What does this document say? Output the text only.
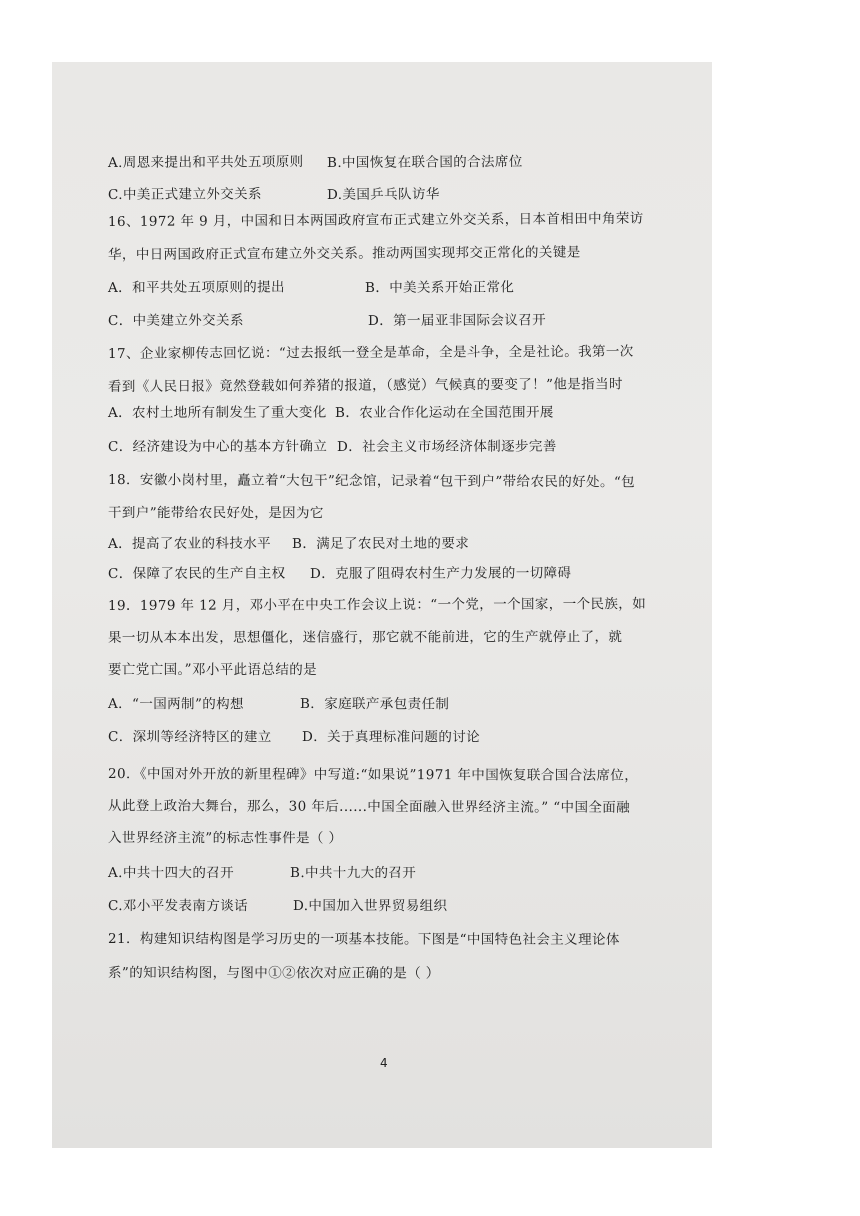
A.周恩来提出和平共处五项原则 B.中国恢复在联合国的合法席位
C.中美正式建立外交关系	D.美国乒乓队访华
16、1972 年 9 月，中国和日本两国政府宣布正式建立外交关系，日本首相田中角荣访
华，中日两国政府正式宣布建立外交关系。推动两国实现邦交正常化的关键是
A．和平共处五项原则的提出	B．中美关系开始正常化
C．中美建立外交关系	D．第一届亚非国际会议召开
17、企业家柳传志回忆说：“过去报纸一登全是革命，全是斗争，全是社论。我第一次
看到《人民日报》竟然登载如何养猪的报道，（感觉）气候真的要变了！”他是指当时
A．农村土地所有制发生了重大变化 B．农业合作化运动在全国范围开展
C．经济建设为中心的基本方针确立 D．社会主义市场经济体制逐步完善
18．安徽小岗村里，矗立着“大包干”纪念馆，记录着“包干到户”带给农民的好处。“包
干到户”能带给农民好处，是因为它
A．提高了农业的科技水平 B．满足了农民对土地的要求
C．保障了农民的生产自主权 D．克服了阻碍农村生产力发展的一切障碍
19．1979 年 12 月，邓小平在中央工作会议上说：“一个党，一个国家，一个民族，如
果一切从本本出发，思想僵化，迷信盛行，那它就不能前进，它的生产就停止了，就
要亡党亡国。”邓小平此语总结的是
A．“一国两制”的构想	B．家庭联产承包责任制
C．深圳等经济特区的建立 D．关于真理标准问题的讨论
20．《中国对外开放的新里程碑》中写道:“如果说”1971 年中国恢复联合国合法席位，
从此登上政治大舞台，那么，30 年后......中国全面融入世界经济主流。” “中国全面融
入世界经济主流”的标志性事件是（ ）
A.中共十四大的召开	B.中共十九大的召开
C.邓小平发表南方谈话	D.中国加入世界贸易组织
21．构建知识结构图是学习历史的一项基本技能。下图是“中国特色社会主义理论体
系”的知识结构图，与图中①②依次对应正确的是（ ）
4
